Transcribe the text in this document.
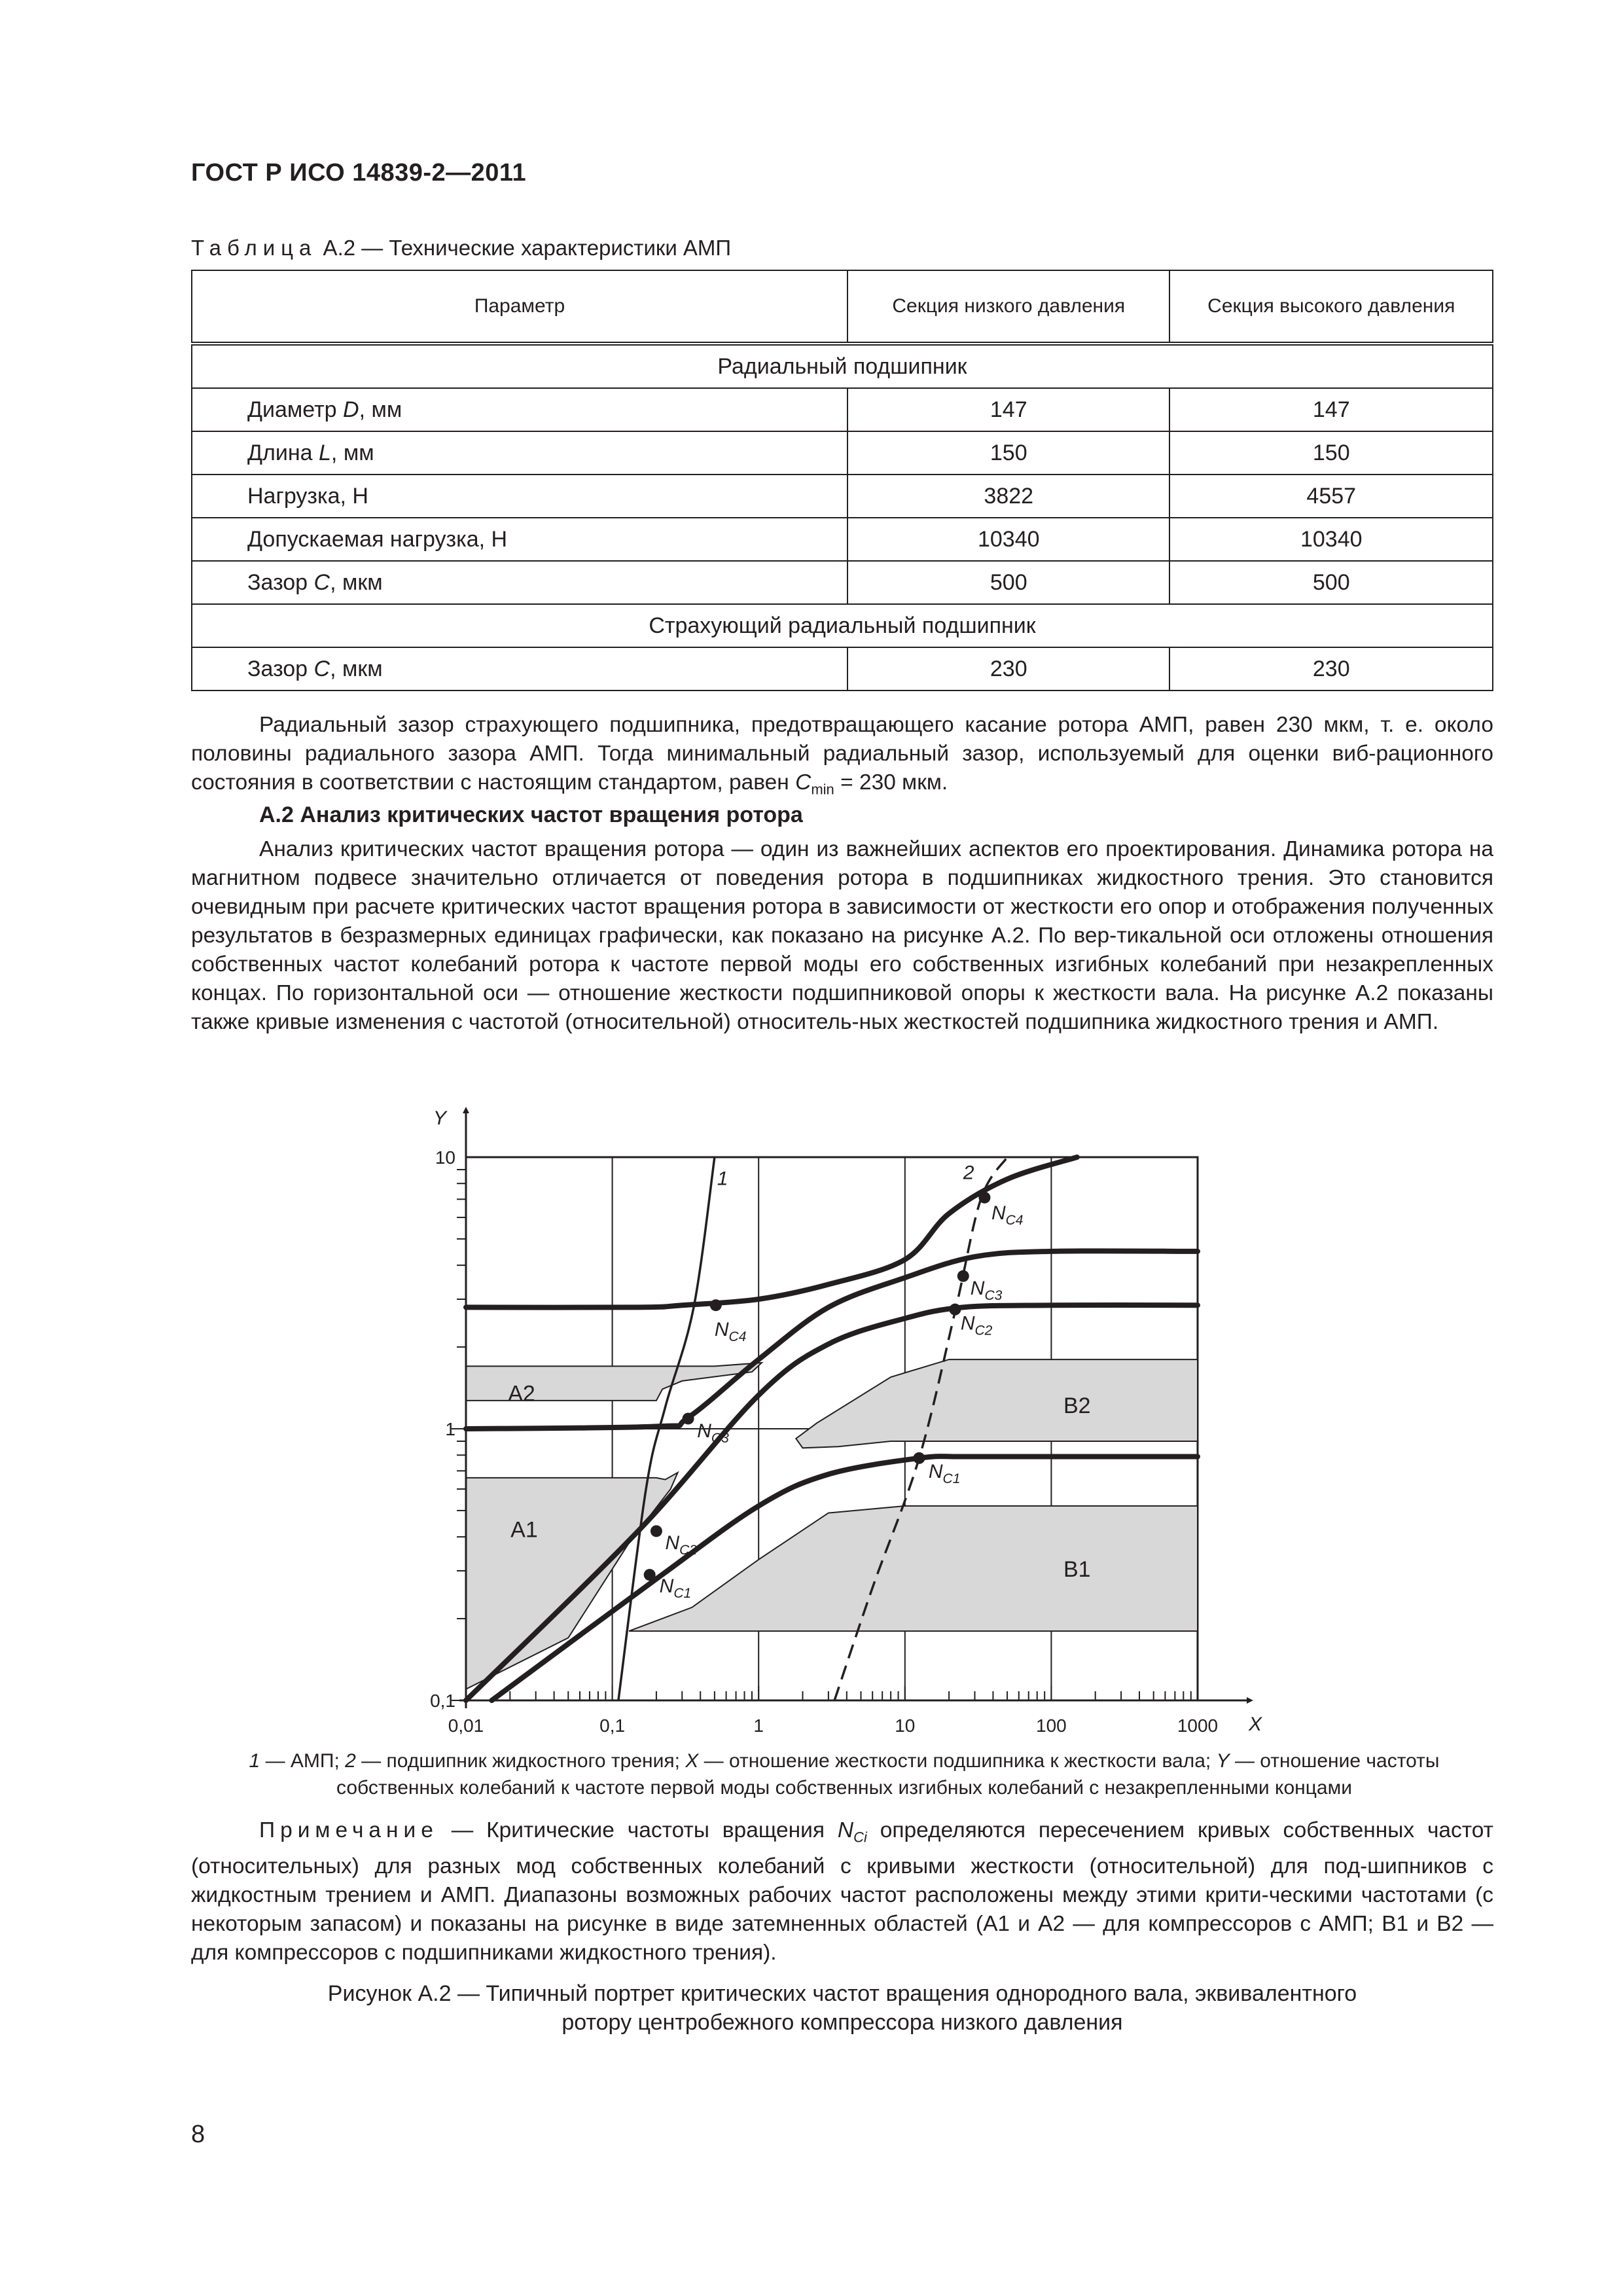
ГОСТ Р ИСО 14839-2—2011
Таблица А.2 — Технические характеристики АМП
Параметр	Секция низкого давления	Секция высокого давления
Радиальный подшипник		
Диаметр D, мм	147	147
Длина L, мм	150	150
Нагрузка, Н	3822	4557
Допускаемая нагрузка, Н	10340	10340
Зазор C, мкм	500	500
Страхующий радиальный подшипник		
Зазор C, мкм	230	230
Радиальный зазор страхующего подшипника, предотвращающего касание ротора АМП, равен 230 мкм, т. е. около половины радиального зазора АМП. Тогда минимальный радиальный зазор, используемый для оценки виб-рационного состояния в соответствии с настоящим стандартом, равен $C_{min} = 230$ мкм.
А.2 Анализ критических частот вращения ротора
Анализ критических частот вращения ротора — один из важнейших аспектов его проектирования. Динамика ротора на магнитном подвесе значительно отличается от поведения ротора в подшипниках жидкостного трения. Это становится очевидным при расчете критических частот вращения ротора в зависимости от жесткости его опор и отображения полученных результатов в безразмерных единицах графически, как показано на рисунке А.2. По вер-тикальной оси отложены отношения собственных частот колебаний ротора к частоте первой моды его собственных изгибных колебаний при незакрепленных концах. По горизонтальной оси — отношение жесткости подшипниковой опоры к жесткости вала. На рисунке А.2 показаны также кривые изменения с частотой (относительной) относитель-ных жесткостей подшипника жидкостного трения и АМП.
A1
A2
B1
B2
1	2
$N_{C1}$
$N_{C2}$
$N_{C3}$
$N_{C4}$
$N_{C1}$
$N_{C2}$
$N_{C3}$
$N_{C4}$
0,01	0,1	1	10	100	1000
0,1
1
10
X
Y
1 — АМП; 2 — подшипник жидкостного трения; X — отношение жесткости подшипника к жесткости вала; Y — отношение частоты собственных колебаний к частоте первой моды собственных изгибных колебаний с незакрепленными концами
Примечание — Критические частоты вращения $N_{Ci}$ определяются пересечением кривых собственных частот (относительных) для разных мод собственных колебаний с кривыми жесткости (относительной) для под-шипников с жидкостным трением и АМП. Диапазоны возможных рабочих частот расположены между этими крити-ческими частотами (с некоторым запасом) и показаны на рисунке в виде затемненных областей (А1 и А2 — для компрессоров с АМП; В1 и В2 — для компрессоров с подшипниками жидкостного трения).
Рисунок А.2 — Типичный портрет критических частот вращения однородного вала, эквивалентного
ротору центробежного компрессора низкого давления
8
